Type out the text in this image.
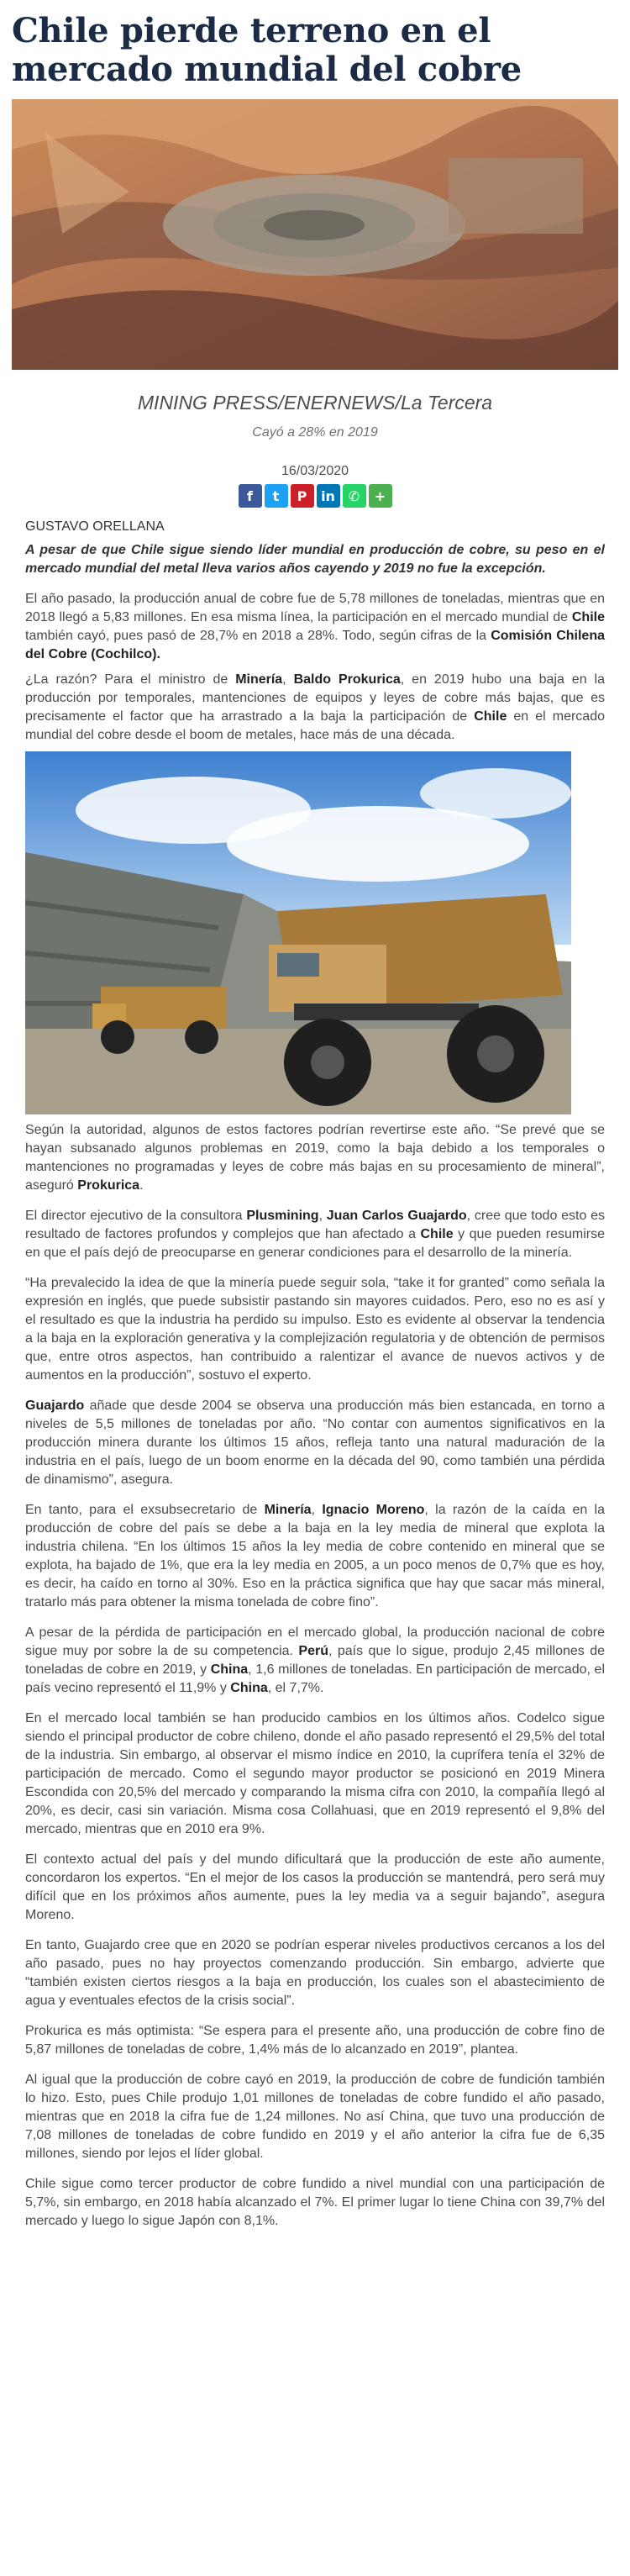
Chile pierde terreno en el mercado mundial del cobre
MINING PRESS/ENERNEWS/La Tercera
Cayó a 28% en 2019
16/03/2020
f	t	P	in ✆	+
GUSTAVO ORELLANA
A pesar de que Chile sigue siendo líder mundial en producción de cobre, su peso en el mercado mundial del metal lleva varios años cayendo y 2019 no fue la excepción.

El año pasado, la producción anual de cobre fue de 5,78 millones de toneladas, mientras que en 2018 llegó a 5,83 millones. En esa misma línea, la participación en el mercado mundial de Chile también cayó, pues pasó de 28,7% en 2018 a 28%. Todo, según cifras de la Comisión Chilena del Cobre (Cochilco).

¿La razón? Para el ministro de Minería, Baldo Prokurica, en 2019 hubo una baja en la producción por temporales, mantenciones de equipos y leyes de cobre más bajas, que es precisamente el factor que ha arrastrado a la baja la participación de Chile en el mercado mundial del cobre desde el boom de metales, hace más de una década.

Según la autoridad, algunos de estos factores podrían revertirse este año. “Se prevé que se hayan subsanado algunos problemas en 2019, como la baja debido a los temporales o mantenciones no programadas y leyes de cobre más bajas en su procesamiento de mineral”, aseguró Prokurica.

El director ejecutivo de la consultora Plusmining, Juan Carlos Guajardo, cree que todo esto es resultado de factores profundos y complejos que han afectado a Chile y que pueden resumirse en que el país dejó de preocuparse en generar condiciones para el desarrollo de la minería.

“Ha prevalecido la idea de que la minería puede seguir sola, “take it for granted” como señala la expresión en inglés, que puede subsistir pastando sin mayores cuidados. Pero, eso no es así y el resultado es que la industria ha perdido su impulso. Esto es evidente al observar la tendencia a la baja en la exploración generativa y la complejización regulatoria y de obtención de permisos que, entre otros aspectos, han contribuido a ralentizar el avance de nuevos activos y de aumentos en la producción”, sostuvo el experto.

Guajardo añade que desde 2004 se observa una producción más bien estancada, en torno a niveles de 5,5 millones de toneladas por año. “No contar con aumentos significativos en la producción minera durante los últimos 15 años, refleja tanto una natural maduración de la industria en el país, luego de un boom enorme en la década del 90, como también una pérdida de dinamismo”, asegura.

En tanto, para el exsubsecretario de Minería, Ignacio Moreno, la razón de la caída en la producción de cobre del país se debe a la baja en la ley media de mineral que explota la industria chilena. “En los últimos 15 años la ley media de cobre contenido en mineral que se explota, ha bajado de 1%, que era la ley media en 2005, a un poco menos de 0,7% que es hoy, es decir, ha caído en torno al 30%. Eso en la práctica significa que hay que sacar más mineral, tratarlo más para obtener la misma tonelada de cobre fino”.

A pesar de la pérdida de participación en el mercado global, la producción nacional de cobre sigue muy por sobre la de su competencia. Perú, país que lo sigue, produjo 2,45 millones de toneladas de cobre en 2019, y China, 1,6 millones de toneladas. En participación de mercado, el país vecino representó el 11,9% y China, el 7,7%.

En el mercado local también se han producido cambios en los últimos años. Codelco sigue siendo el principal productor de cobre chileno, donde el año pasado representó el 29,5% del total de la industria. Sin embargo, al observar el mismo índice en 2010, la cuprífera tenía el 32% de participación de mercado. Como el segundo mayor productor se posicionó en 2019 Minera Escondida con 20,5% del mercado y comparando la misma cifra con 2010, la compañía llegó al 20%, es decir, casi sin variación. Misma cosa Collahuasi, que en 2019 representó el 9,8% del mercado, mientras que en 2010 era 9%.

El contexto actual del país y del mundo dificultará que la producción de este año aumente, concordaron los expertos. “En el mejor de los casos la producción se mantendrá, pero será muy difícil que en los próximos años aumente, pues la ley media va a seguir bajando”, asegura Moreno.

En tanto, Guajardo cree que en 2020 se podrían esperar niveles productivos cercanos a los del año pasado, pues no hay proyectos comenzando producción. Sin embargo, advierte que “también existen ciertos riesgos a la baja en producción, los cuales son el abastecimiento de agua y eventuales efectos de la crisis social”.

Prokurica es más optimista: “Se espera para el presente año, una producción de cobre fino de 5,87 millones de toneladas de cobre, 1,4% más de lo alcanzado en 2019”, plantea.

Al igual que la producción de cobre cayó en 2019, la producción de cobre de fundición también lo hizo. Esto, pues Chile produjo 1,01 millones de toneladas de cobre fundido el año pasado, mientras que en 2018 la cifra fue de 1,24 millones. No así China, que tuvo una producción de 7,08 millones de toneladas de cobre fundido en 2019 y el año anterior la cifra fue de 6,35 millones, siendo por lejos el líder global.

Chile sigue como tercer productor de cobre fundido a nivel mundial con una participación de 5,7%, sin embargo, en 2018 había alcanzado el 7%. El primer lugar lo tiene China con 39,7% del mercado y luego lo sigue Japón con 8,1%.
